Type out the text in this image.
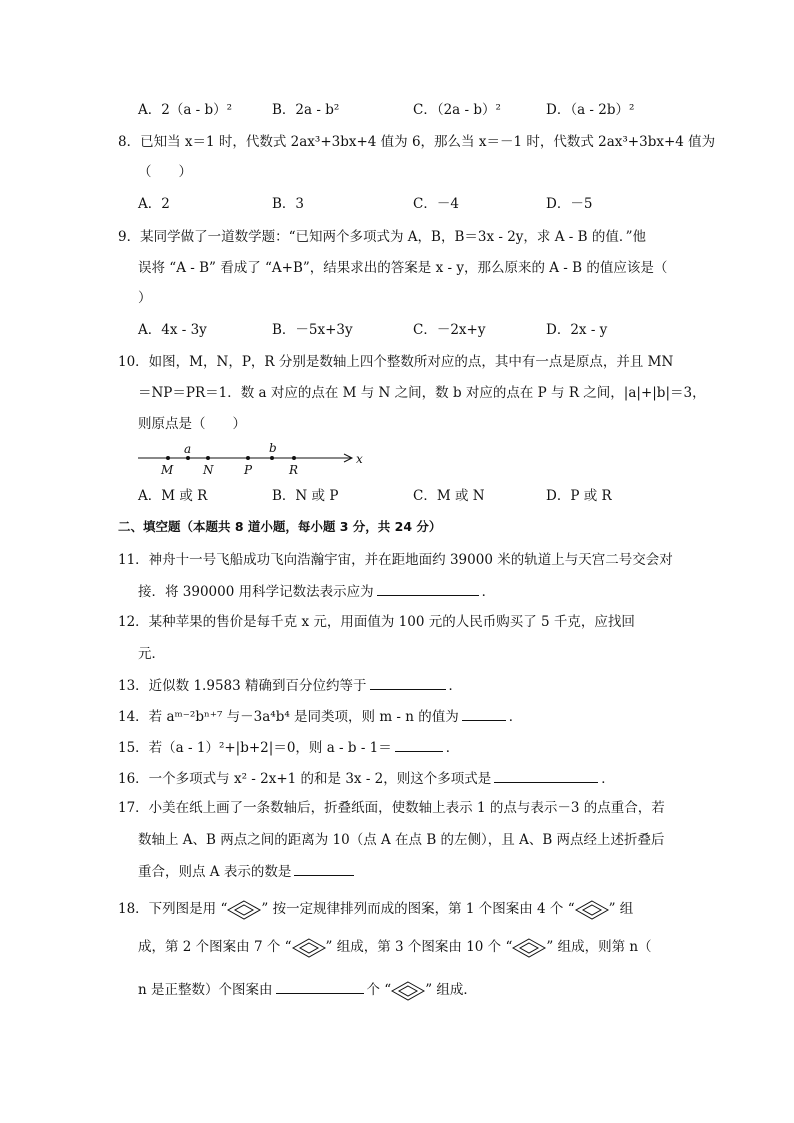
A．2（a - b）²	B．2a - b²	C．（2a - b）²	D．（a - 2b）²
8．已知当 x＝1 时，代数式 2ax³+3bx+4 值为 6，那么当 x＝－1 时，代数式 2ax³+3bx+4 值为
（　　）
A．2	B．3	C．－4	D．－5
9．某同学做了一道数学题：“已知两个多项式为 A，B，B＝3x - 2y，求 A - B 的值．”他
误将 “A - B” 看成了 “A+B”，结果求出的答案是 x - y，那么原来的 A - B 的值应该是（
）
A．4x - 3y	B．－5x+3y	C．－2x+y	D．2x - y
10．如图，M，N，P，R 分别是数轴上四个整数所对应的点，其中有一点是原点，并且 MN
＝NP＝PR＝1．数 a 对应的点在 M 与 N 之间，数 b 对应的点在 P 与 R 之间，|a|+|b|＝3，
则原点是（　　）
M
a
N	P
b
R
x
A．M 或 R	B．N 或 P	C．M 或 N	D．P 或 R
二、填空题（本题共 8 道小题，每小题 3 分，共 24 分）
11．神舟十一号飞船成功飞向浩瀚宇宙，并在距地面约 39000 米的轨道上与天宫二号交会对
接．将 390000 用科学记数法表示应为	．
12．某种苹果的售价是每千克 x 元，用面值为 100 元的人民币购买了 5 千克，应找回
元．
13．近似数 1.9583 精确到百分位约等于	．
14．若 aᵐ⁻²bⁿ⁺⁷ 与－3a⁴b⁴ 是同类项，则 m - n 的值为	．
15．若（a - 1）²+|b+2|＝0，则 a - b - 1＝	．
16．一个多项式与 x² - 2x+1 的和是 3x - 2，则这个多项式是	．
17．小美在纸上画了一条数轴后，折叠纸面，使数轴上表示 1 的点与表示－3 的点重合，若
数轴上 A、B 两点之间的距离为 10（点 A 在点 B 的左侧），且 A、B 两点经上述折叠后
重合，则点 A 表示的数是
18．下列图是用 “	” 按一定规律排列而成的图案，第 1 个图案由 4 个 “	” 组
成，第 2 个图案由 7 个 “	” 组成，第 3 个图案由 10 个 “	” 组成，则第 n（
n 是正整数）个图案由	个 “	” 组成．
